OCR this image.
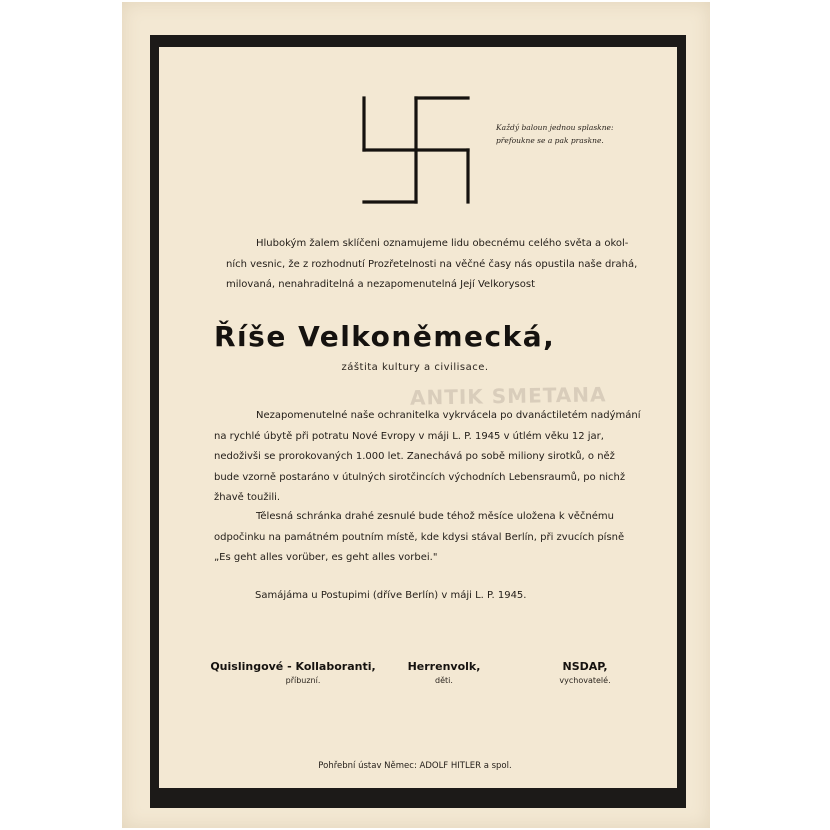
Každý baloun jednou splaskne:
přefoukne se a pak praskne.
Hlubokým žalem sklíčeni oznamujeme lidu obecnému celého světa a okol-
ních vesnic, že z rozhodnutí Prozřetelnosti na věčné časy nás opustila naše drahá,
milovaná, nenahraditelná a nezapomenutelná Její Velkorysost
Říše Velkoněmecká,
záštita kultury a civilisace.
Nezapomenutelné naše ochranitelka vykrvácela po dvanáctiletém nadýmání
na rychlé úbytě při potratu Nové Evropy v máji L. P. 1945 v útlém věku 12 jar,
nedoživši se prorokovaných 1.000 let. Zanechává po sobě miliony sirotků, o něž
bude vzorně postaráno v útulných sirotčincích východních Lebensraumů, po nichž
žhavě toužili.
ANTIK SMETANA
Tělesná schránka drahé zesnulé bude téhož měsíce uložena k věčnému
odpočinku na památném poutním místě, kde kdysi stával Berlín, při zvucích písně
„Es geht alles vorüber, es geht alles vorbei."
Samájáma u Postupimi (dříve Berlín) v máji L. P. 1945.
Quislingové - Kollaboranti,
příbuzní.
Herrenvolk,
děti.
NSDAP,
vychovatelé.
Pohřební ústav Němec: ADOLF HITLER a spol.
